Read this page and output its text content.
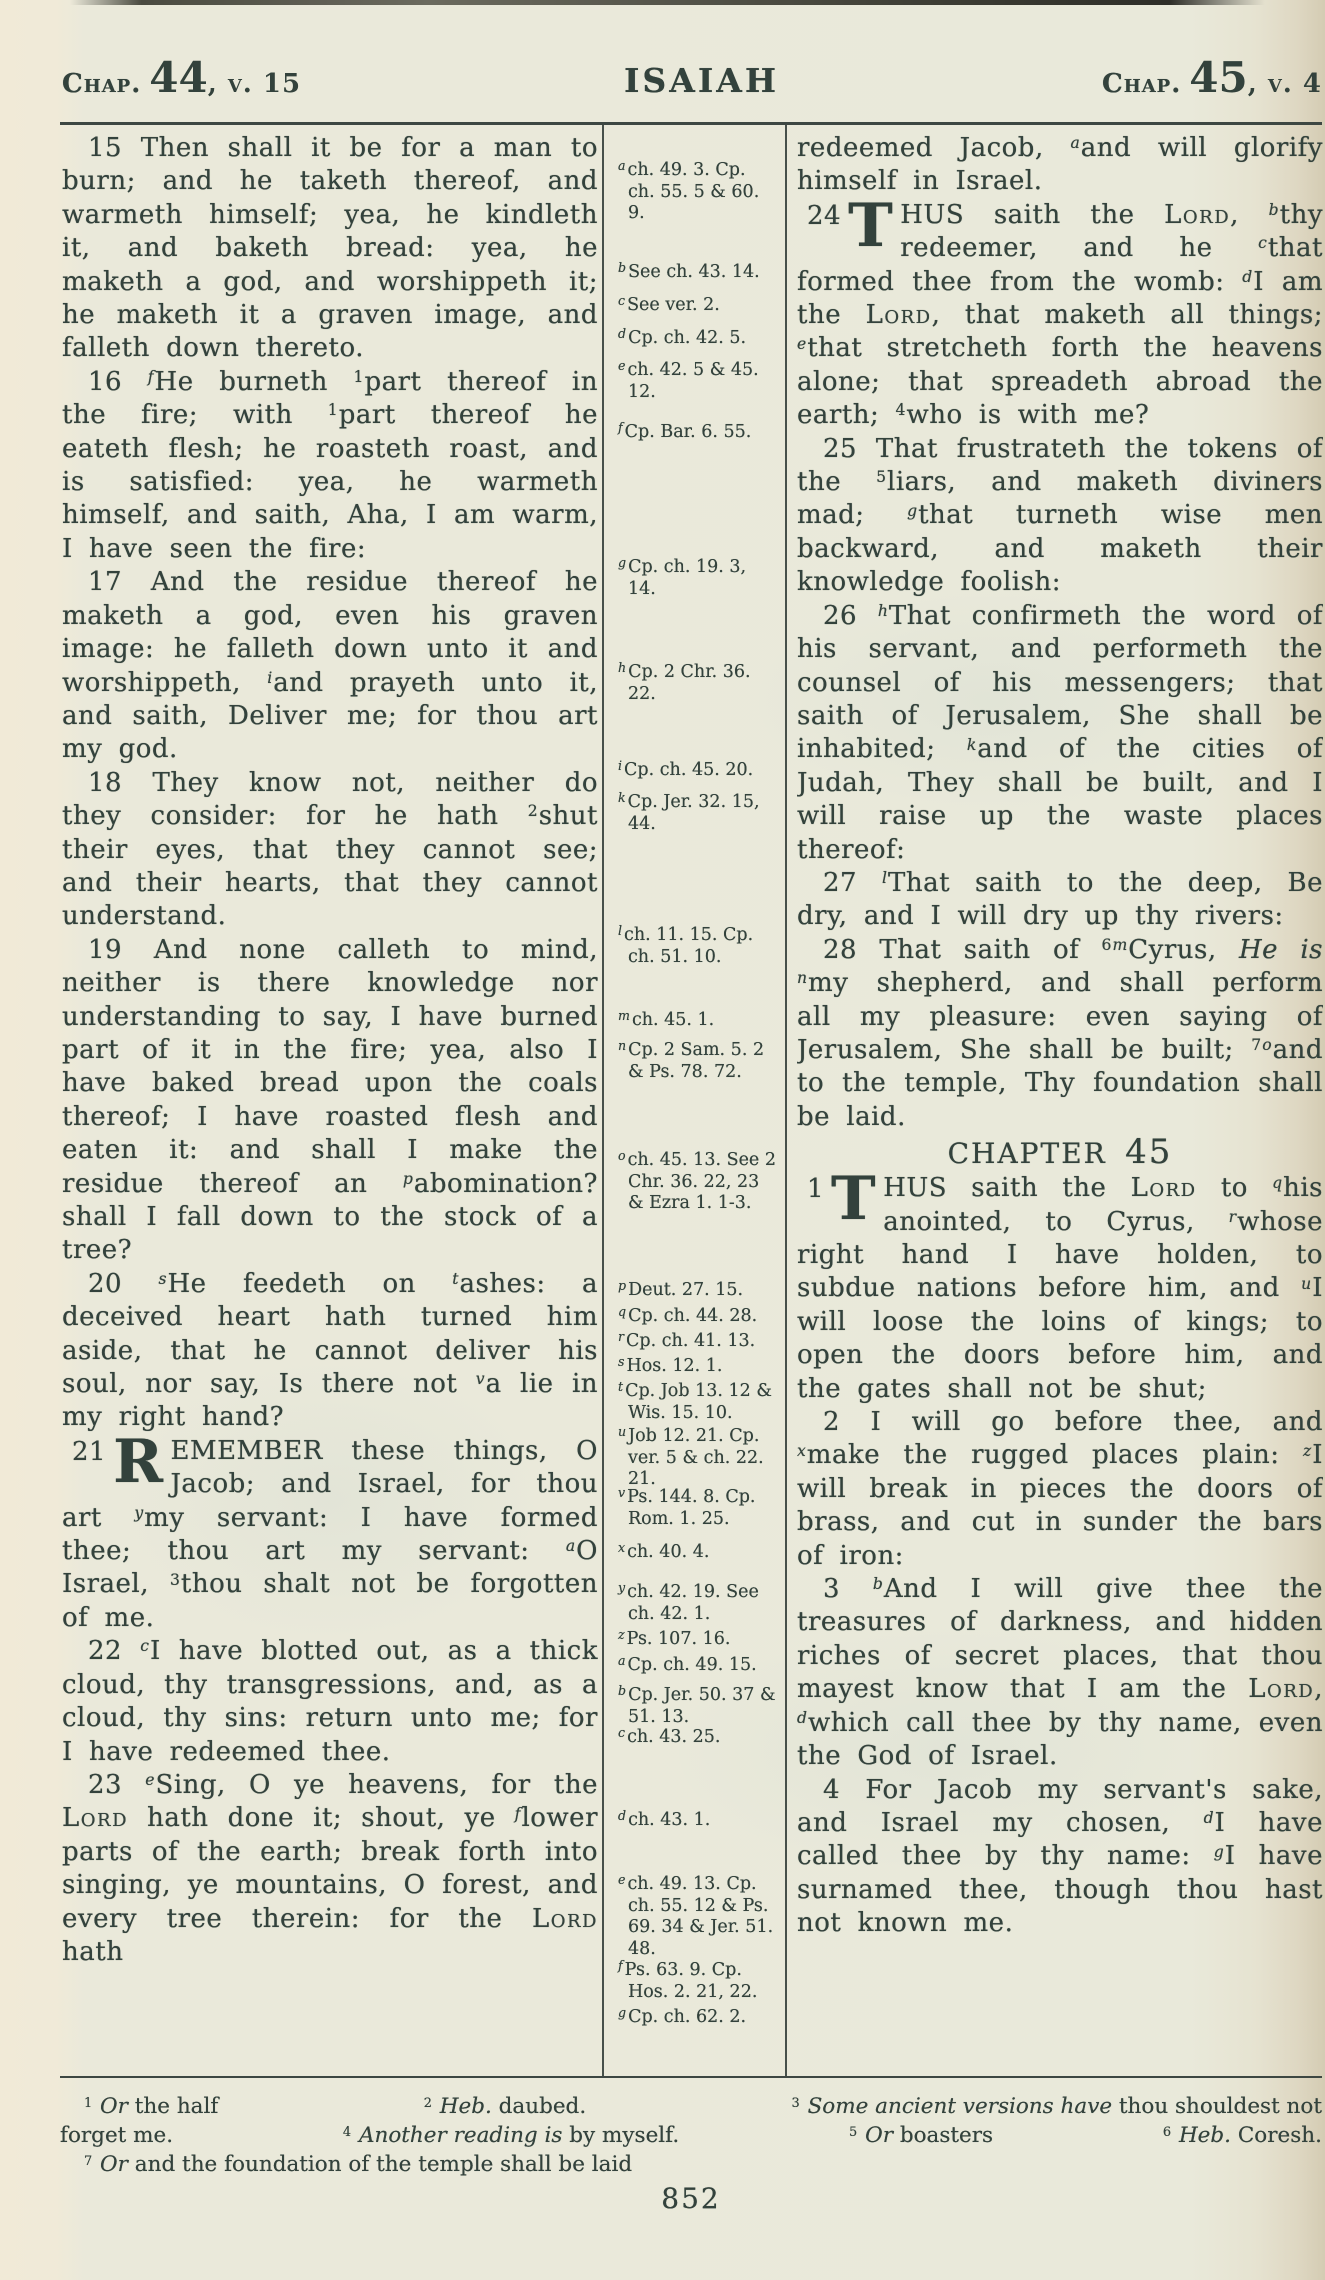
Chap. 44 , v. 15	ISAIAH	Chap. 45 , v. 4

15 Then shall it be for a man to burn; and he taketh thereof, and warmeth himself; yea, he kindleth it, and baketh bread: yea, he maketh a god, and worshippeth it; he maketh it a graven image, and falleth down thereto.

16 $^f$He burneth $^1$part thereof in the fire; with $^1$part thereof he eateth flesh; he roasteth roast, and is satisfied: yea, he warmeth himself, and saith, Aha, I am warm, I have seen the fire:

17 And the residue thereof he maketh a god, even his graven image: he falleth down unto it and worshippeth, $^i$and prayeth unto it, and saith, Deliver me; for thou art my god.

18 They know not, neither do they consider: for he hath $^2$shut their eyes, that they cannot see; and their hearts, that they cannot understand.

19 And none calleth to mind, neither is there knowledge nor understanding to say, I have burned part of it in the fire; yea, also I have baked bread upon the coals thereof; I have roasted flesh and eaten it: and shall I make the residue thereof an $^p$abomination? shall I fall down to the stock of a tree?

20 $^s$He feedeth on $^t$ashes: a deceived heart hath turned him aside, that he cannot deliver his soul, nor say, Is there not $^v$a lie in my right hand?

21 R EMEMBER these things, O Jacob; and Israel, for thou art $^y$my servant: I have formed thee; thou art my servant: $^a$O Israel, $^3$thou shalt not be forgotten of me.

22 $^c$I have blotted out, as a thick cloud, thy transgressions, and, as a cloud, thy sins: return unto me; for I have redeemed thee.

23 $^e$Sing, O ye heavens, for the Lord hath done it; shout, ye $^f$lower parts of the earth; break forth into singing, ye mountains, O forest, and every tree therein: for the Lord hath

$^a$ ch. 49. 3. Cp. ch. 55. 5 & 60. 9.
$^b$ See ch. 43. 14.
$^c$ See ver. 2.
$^d$ Cp. ch. 42. 5.
$^e$ ch. 42. 5 & 45. 12.
$^f$ Cp. Bar. 6. 55.
$^g$ Cp. ch. 19. 3, 14.
$^h$ Cp. 2 Chr. 36. 22.
$^i$ Cp. ch. 45. 20.
$^k$ Cp. Jer. 32. 15, 44.
$^l$ ch. 11. 15. Cp. ch. 51. 10.
$^m$ ch. 45. 1.
$^n$ Cp. 2 Sam. 5. 2 & Ps. 78. 72.
$^o$ ch. 45. 13. See 2 Chr. 36. 22, 23 & Ezra 1. 1-3.
$^p$ Deut. 27. 15.
$^q$ Cp. ch. 44. 28.
$^r$ Cp. ch. 41. 13.
$^s$ Hos. 12. 1.
$^t$ Cp. Job 13. 12 & Wis. 15. 10.
$^u$ Job 12. 21. Cp. ver. 5 & ch. 22. 21.
$^v$ Ps. 144. 8. Cp. Rom. 1. 25.
$^x$ ch. 40. 4.
$^y$ ch. 42. 19. See ch. 42. 1.
$^z$ Ps. 107. 16.
$^a$ Cp. ch. 49. 15.
$^b$ Cp. Jer. 50. 37 & 51. 13.
$^c$ ch. 43. 25.
$^d$ ch. 43. 1.
$^e$ ch. 49. 13. Cp. ch. 55. 12 & Ps. 69. 34 & Jer. 51. 48.
$^f$ Ps. 63. 9. Cp. Hos. 2. 21, 22.
$^g$ Cp. ch. 62. 2.

redeemed Jacob, $^a$and will glorify himself in Israel.

24 T HUS saith the Lord, $^b$thy redeemer, and he $^c$that formed thee from the womb: $^d$I am the Lord, that maketh all things; $^e$that stretcheth forth the heavens alone; that spreadeth abroad the earth; $^4$who is with me?

25 That frustrateth the tokens of the $^5$liars, and maketh diviners mad; $^g$that turneth wise men backward, and maketh their knowledge foolish:

26 $^h$That confirmeth the word of his servant, and performeth the counsel of his messengers; that saith of Jerusalem, She shall be inhabited; $^k$and of the cities of Judah, They shall be built, and I will raise up the waste places thereof:

27 $^l$That saith to the deep, Be dry, and I will dry up thy rivers:

28 That saith of $^{6m}$Cyrus, He is $^n$my shepherd, and shall perform all my pleasure: even saying of Jerusalem, She shall be built; $^{7o}$and to the temple, Thy foundation shall be laid.

CHAPTER 45

1 T HUS saith the Lord to $^q$his anointed, to Cyrus, $^r$whose right hand I have holden, to subdue nations before him, and $^u$I will loose the loins of kings; to open the doors before him, and the gates shall not be shut;

2 I will go before thee, and $^x$make the rugged places plain: $^z$I will break in pieces the doors of brass, and cut in sunder the bars of iron:

3 $^b$And I will give thee the treasures of darkness, and hidden riches of secret places, that thou mayest know that I am the Lord, $^d$which call thee by thy name, even the God of Israel.

4 For Jacob my servant's sake, and Israel my chosen, $^d$I have called thee by thy name: $^g$I have surnamed thee, though thou hast not known me.

$^1$ Or the half	$^2$ Heb. daubed.	$^3$ Some ancient versions have thou shouldest not
forget me.	$^4$ Another reading is by myself.	$^5$ Or boasters	$^6$ Heb. Coresh.
$^7$ Or and the foundation of the temple shall be laid
852
